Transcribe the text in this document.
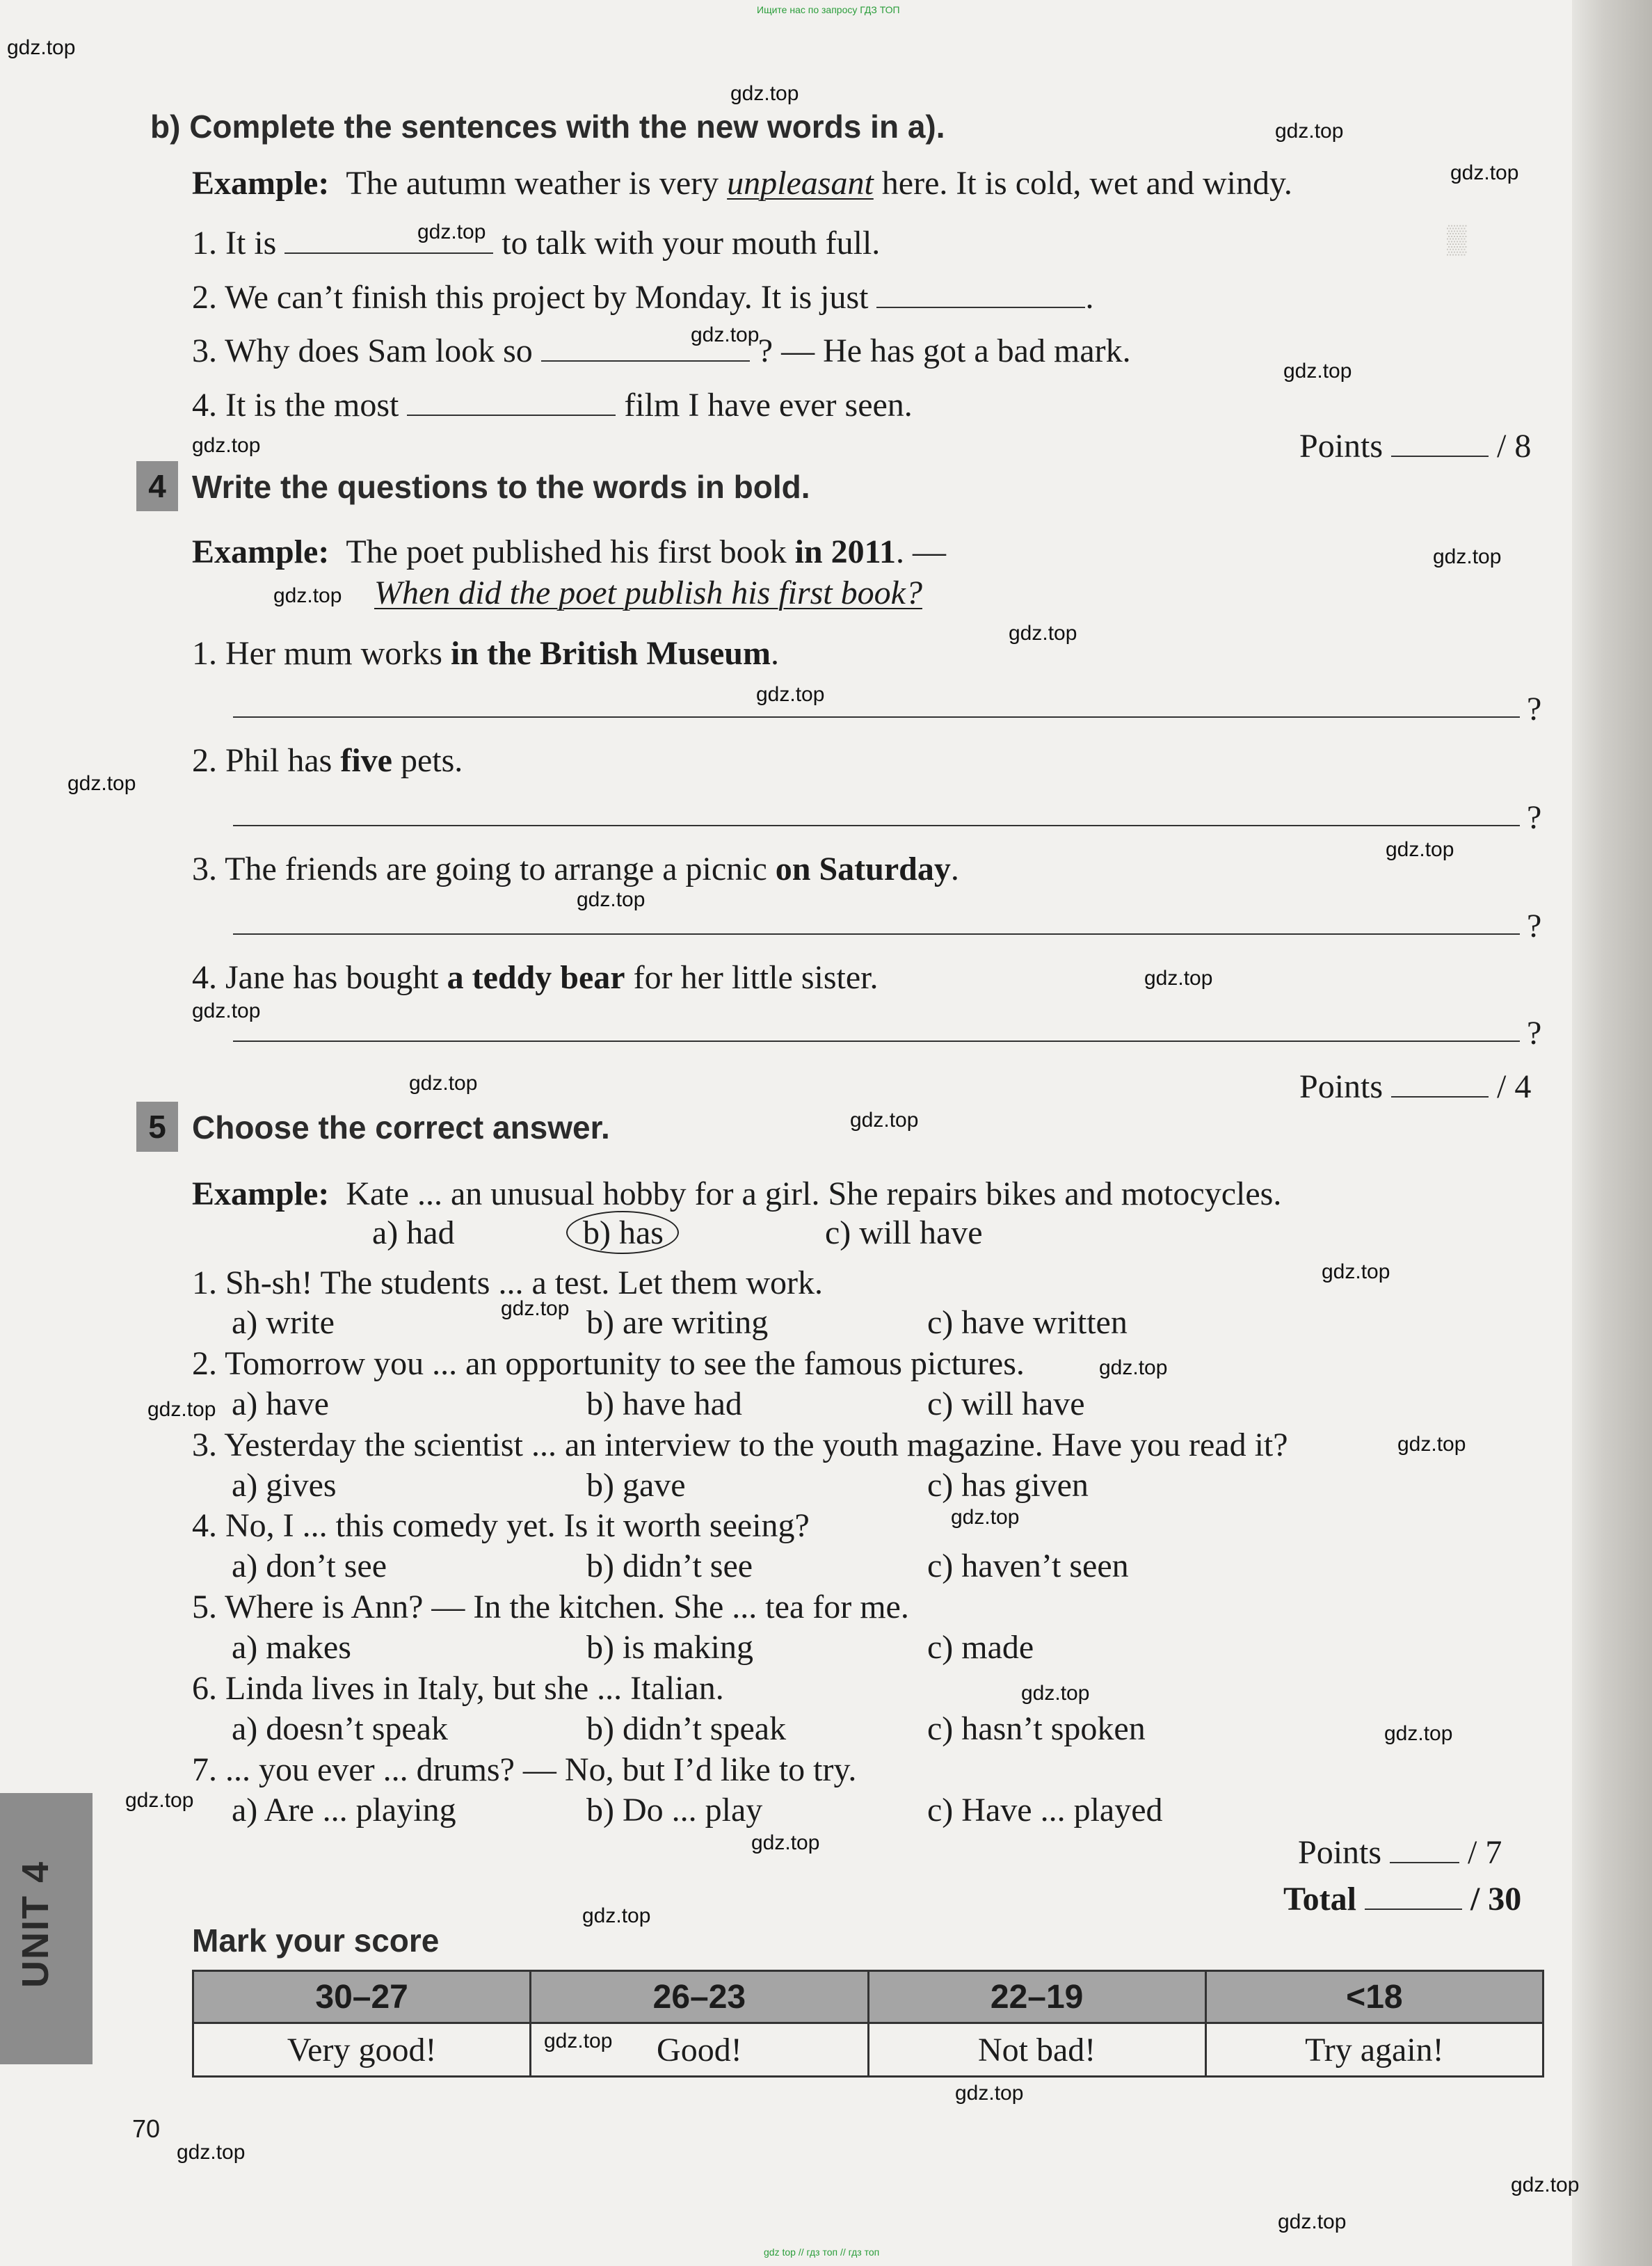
▒
Ищите нас по запросу ГДЗ ТОП
gdz top // гдз топ // гдз топ
b) Complete the sentences with the new words in a).
Example: The autumn weather is very unpleasant here. It is cold, wet and windy.
1. It is	to talk with your mouth full.
2. We can’t finish this project by Monday. It is just	.
3. Why does Sam look so	? — He has got a bad mark.
4. It is the most	film I have ever seen.
Points	/ 8
4 Write the questions to the words in bold.
Example: The poet published his first book in 2011. —
When did the poet publish his first book?
1. Her mum works in the British Museum.
?
2. Phil has five pets.
?
3. The friends are going to arrange a picnic on Saturday.
?
4. Jane has bought a teddy bear for her little sister.
?
Points	/ 4
5 Choose the correct answer.
Example: Kate ... an unusual hobby for a girl. She repairs bikes and motocycles.
a) had	b) has	c) will have
1. Sh-sh! The students ... a test. Let them work.
a) write	b) are writing	c) have written
2. Tomorrow you ... an opportunity to see the famous pictures.
a) have	b) have had	c) will have
3. Yesterday the scientist ... an interview to the youth magazine. Have you read it?
a) gives	b) gave	c) has given
4. No, I ... this comedy yet. Is it worth seeing?
a) don’t see	b) didn’t see	c) haven’t seen
5. Where is Ann? — In the kitchen. She ... tea for me.
a) makes	b) is making	c) made
6. Linda lives in Italy, but she ... Italian.
a) doesn’t speak	b) didn’t speak	c) hasn’t spoken
7. ... you ever ... drums? — No, but I’d like to try.
a) Are ... playing	b) Do ... play	c) Have ... played
Points	/ 7
Total	/ 30
Mark your score
30–27	26–23	22–19	<18
Very good!	Good!	Not bad!	Try again!
UNIT 4
70
gdz.top
gdz.top
gdz.top
gdz.top
gdz.top
gdz.top
gdz.top
gdz.top
gdz.top
gdz.top
gdz.top
gdz.top
gdz.top
gdz.top
gdz.top
gdz.top
gdz.top
gdz.top
gdz.top
gdz.top
gdz.top
gdz.top
gdz.top
gdz.top
gdz.top
gdz.top
gdz.top
gdz.top
gdz.top
gdz.top
gdz.top
gdz.top
gdz.top
gdz.top
gdz.top
